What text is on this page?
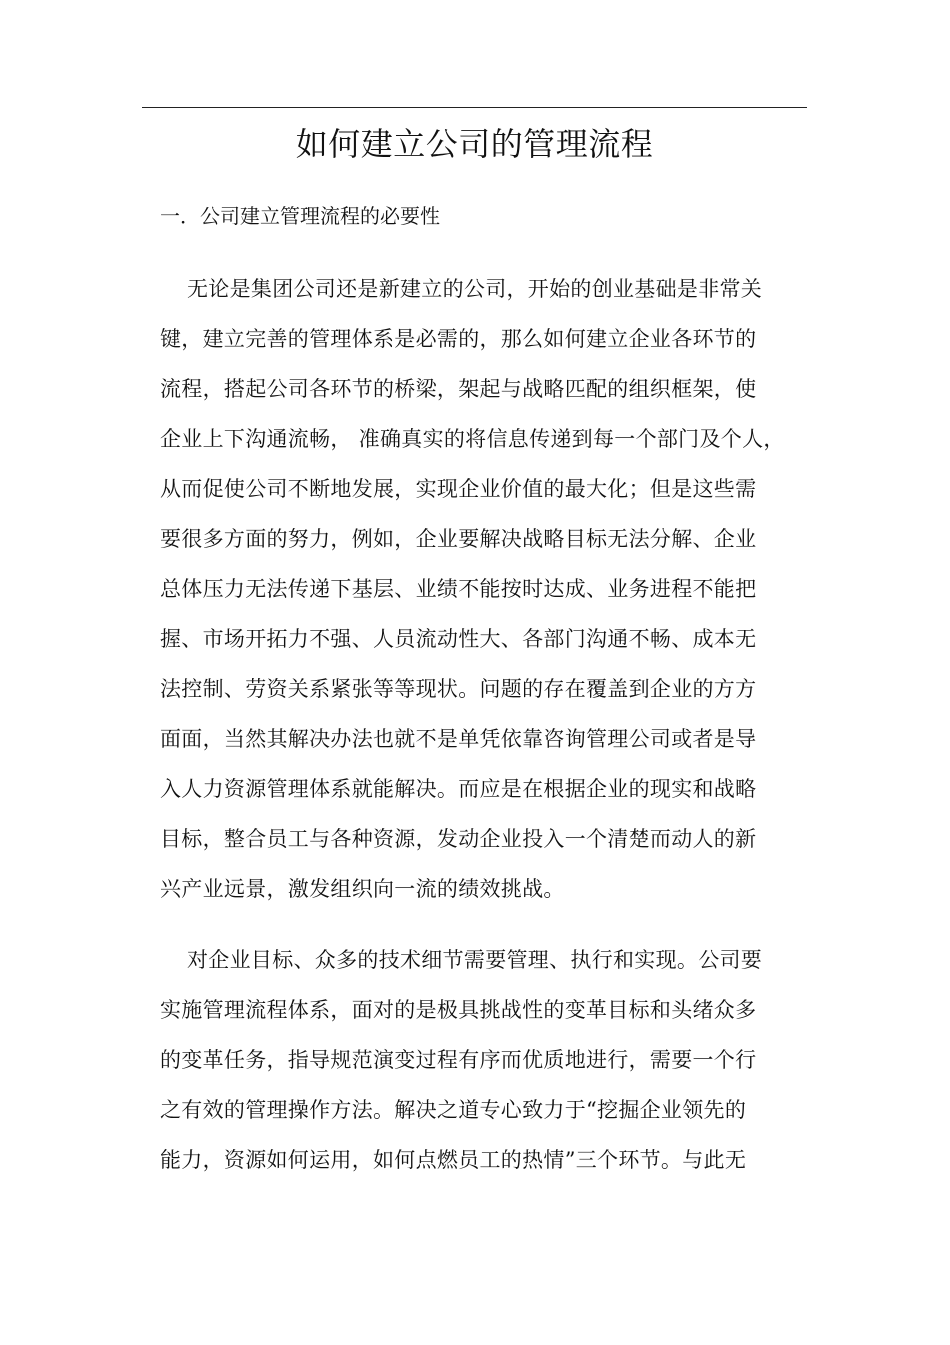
如何建立公司的管理流程
一．公司建立管理流程的必要性
无论是集团公司还是新建立的公司，开始的创业基础是非常关
键，建立完善的管理体系是必需的，那么如何建立企业各环节的
流程，搭起公司各环节的桥梁，架起与战略匹配的组织框架，使
企业上下沟通流畅， 准确真实的将信息传递到每一个部门及个人，
从而促使公司不断地发展，实现企业价值的最大化；但是这些需
要很多方面的努力，例如，企业要解决战略目标无法分解、企业
总体压力无法传递下基层、业绩不能按时达成、业务进程不能把
握、市场开拓力不强、人员流动性大、各部门沟通不畅、成本无
法控制、劳资关系紧张等等现状。问题的存在覆盖到企业的方方
面面，当然其解决办法也就不是单凭依靠咨询管理公司或者是导
入人力资源管理体系就能解决。而应是在根据企业的现实和战略
目标，整合员工与各种资源，发动企业投入一个清楚而动人的新
兴产业远景，激发组织向一流的绩效挑战。
对企业目标、众多的技术细节需要管理、执行和实现。公司要
实施管理流程体系，面对的是极具挑战性的变革目标和头绪众多
的变革任务，指导规范演变过程有序而优质地进行，需要一个行
之有效的管理操作方法。解决之道专心致力于“挖掘企业领先的
能力，资源如何运用，如何点燃员工的热情”三个环节。与此无
